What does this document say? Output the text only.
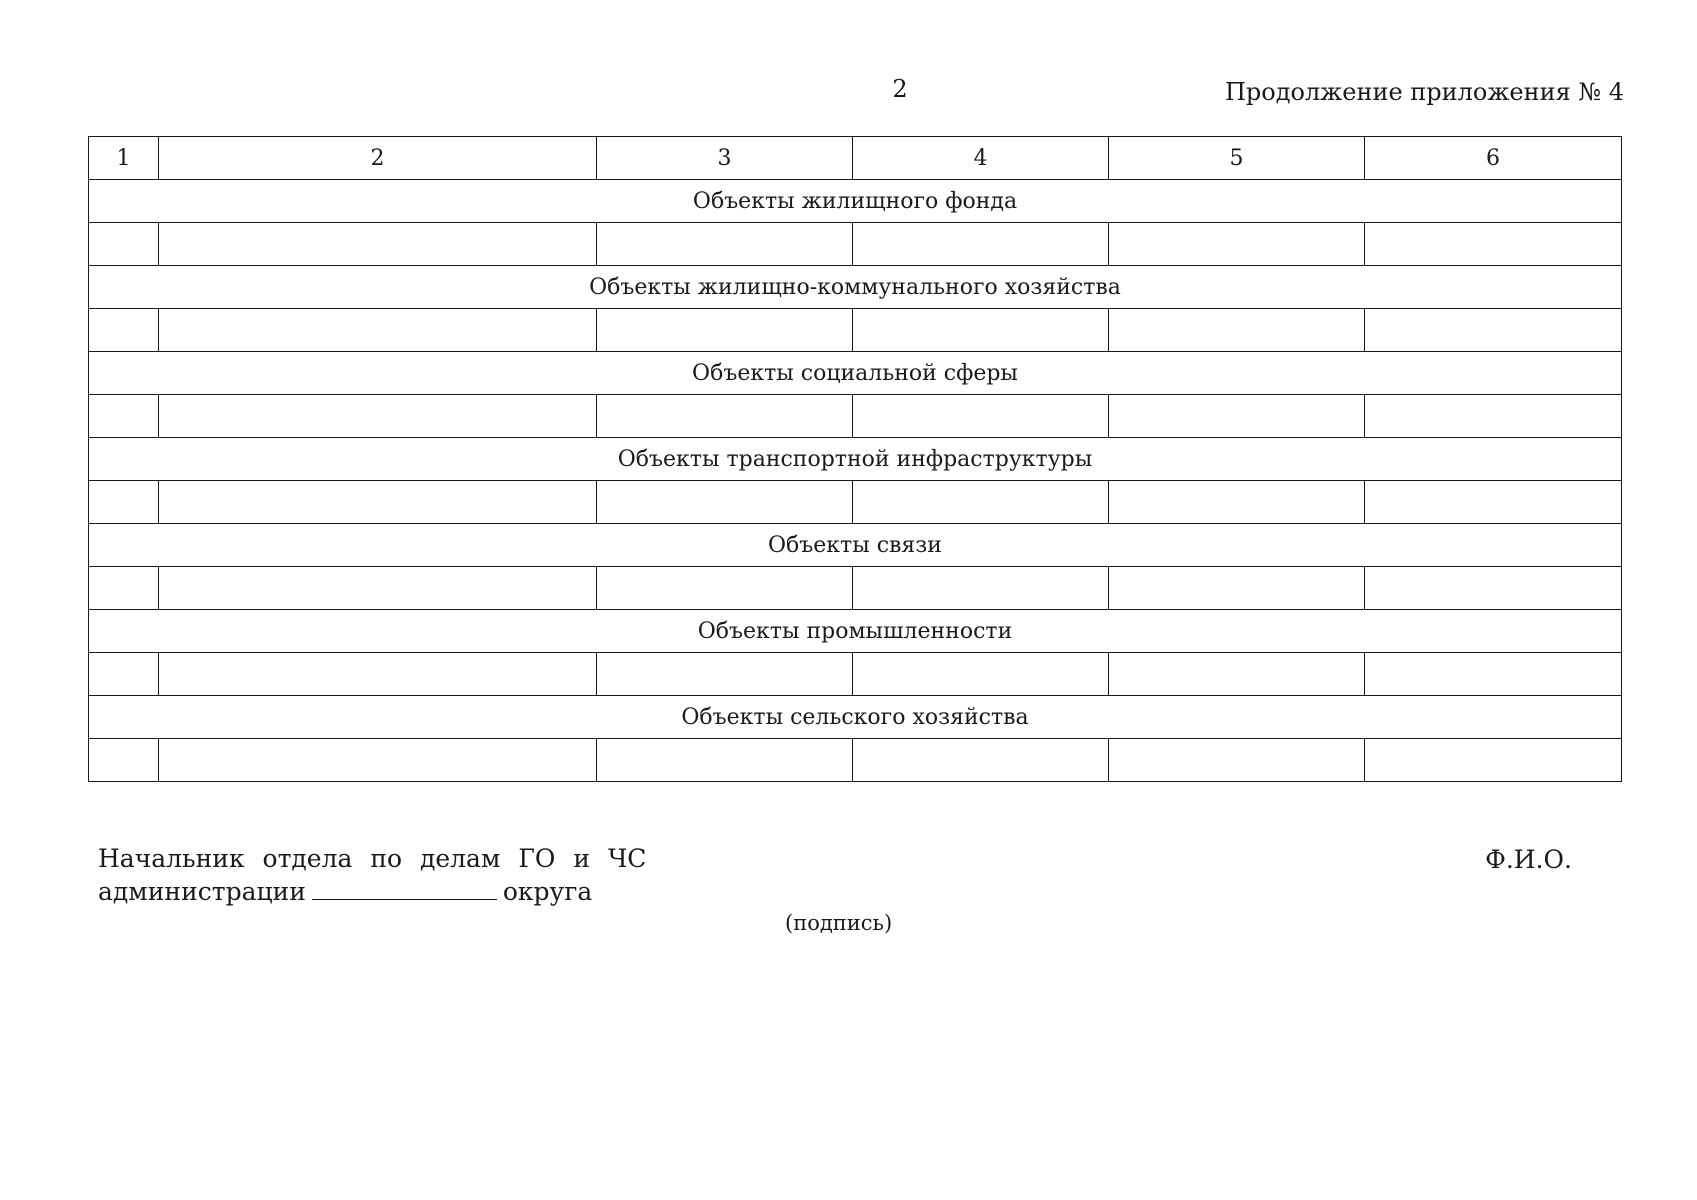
2	Продолжение приложения № 4
1	2	3	4	5	6
Объекты жилищного фонда					

Объекты жилищно-коммунального хозяйства					

Объекты социальной сферы					

Объекты транспортной инфраструктуры					

Объекты связи					

Объекты промышленности					

Объекты сельского хозяйства					

Начальник отдела по делам ГО и ЧС
администрации	округа
Ф.И.О.
(подпись)
